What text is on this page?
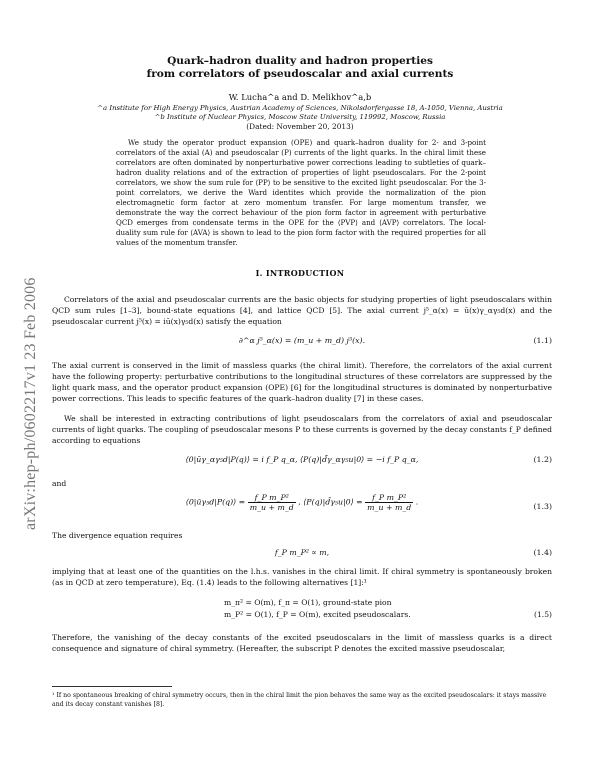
arXiv:hep-ph/0602217v1 23 Feb 2006
Quark–hadron duality and hadron properties
from correlators of pseudoscalar and axial currents
W. Lucha^a and D. Melikhov^a,b
^a Institute for High Energy Physics, Austrian Academy of Sciences, Nikolsdorfergasse 18, A-1050, Vienna, Austria
^b Institute of Nuclear Physics, Moscow State University, 119992, Moscow, Russia
(Dated: November 20, 2013)
We study the operator product expansion (OPE) and quark–hadron duality for 2- and 3-point correlators of the axial (A) and pseudoscalar (P) currents of the light quarks. In the chiral limit these correlators are often dominated by nonperturbative power corrections leading to subtleties of quark–hadron duality relations and of the extraction of properties of light pseudoscalars. For the 2-point correlators, we show the sum rule for ⟨PP⟩ to be sensitive to the excited light pseudoscalar. For the 3-point correlators, we derive the Ward identites which provide the normalization of the pion electromagnetic form factor at zero momentum transfer. For large momentum transfer, we demonstrate the way the correct behaviour of the pion form factor in agreement with perturbative QCD emerges from condensate terms in the OPE for the ⟨PVP⟩ and ⟨AVP⟩ correlators. The local-duality sum rule for ⟨AVA⟩ is shown to lead to the pion form factor with the required properties for all values of the momentum transfer.
I. INTRODUCTION
Correlators of the axial and pseudoscalar currents are the basic objects for studying properties of light pseudoscalars within QCD sum rules [1–3], bound-state equations [4], and lattice QCD [5]. The axial current j⁵_α(x) = ū(x)γ_αγ₅d(x) and the pseudoscalar current j⁵(x) = iū(x)γ₅d(x) satisfy the equation
∂^α j⁵_α(x) = (m_u + m_d) j⁵(x).	(1.1)
The axial current is conserved in the limit of massless quarks (the chiral limit). Therefore, the correlators of the axial current have the following property: perturbative contributions to the longitudinal structures of these correlators are suppressed by the light quark mass, and the operator product expansion (OPE) [6] for the longitudinal structures is dominated by nonperturbative power corrections. This leads to specific features of the quark–hadron duality [7] in these cases.
We shall be interested in extracting contributions of light pseudoscalars from the correlators of axial and pseudoscalar currents of light quarks. The coupling of pseudoscalar mesons P to these currents is governed by the decay constants f_P defined according to equations
⟨0|ūγ_αγ₅d|P(q)⟩ = i f_P q_α, ⟨P(q)|d̄γ_αγ₅u|0⟩ = −i f_P q_α,	(1.2)
and
⟨0|ūγ₅d|P(q)⟩ = $\frac{\text{f\_P m\_P²}}{m\_u + m\_d}$ , ⟨P(q)|d̄γ₅u|0⟩ = $\frac{\text{f\_P m\_P²}}{m\_u + m\_d}$ .	(1.3)
The divergence equation requires
f_P m_P² ∝ m,	(1.4)
implying that at least one of the quantities on the l.h.s. vanishes in the chiral limit. If chiral symmetry is spontaneously broken (as in QCD at zero temperature), Eq. (1.4) leads to the following alternatives [1]:¹
m_π² = O(m), f_π = O(1), ground-state pion
m_P² = O(1), f_P = O(m), excited pseudoscalars.	(1.5)
Therefore, the vanishing of the decay constants of the excited pseudoscalars in the limit of massless quarks is a direct consequence and signature of chiral symmetry. (Hereafter, the subscript P denotes the excited massive pseudoscalar,
¹ If no spontaneous breaking of chiral symmetry occurs, then in the chiral limit the pion behaves the same way as the excited pseudoscalars: it stays massive and its decay constant vanishes [8].
